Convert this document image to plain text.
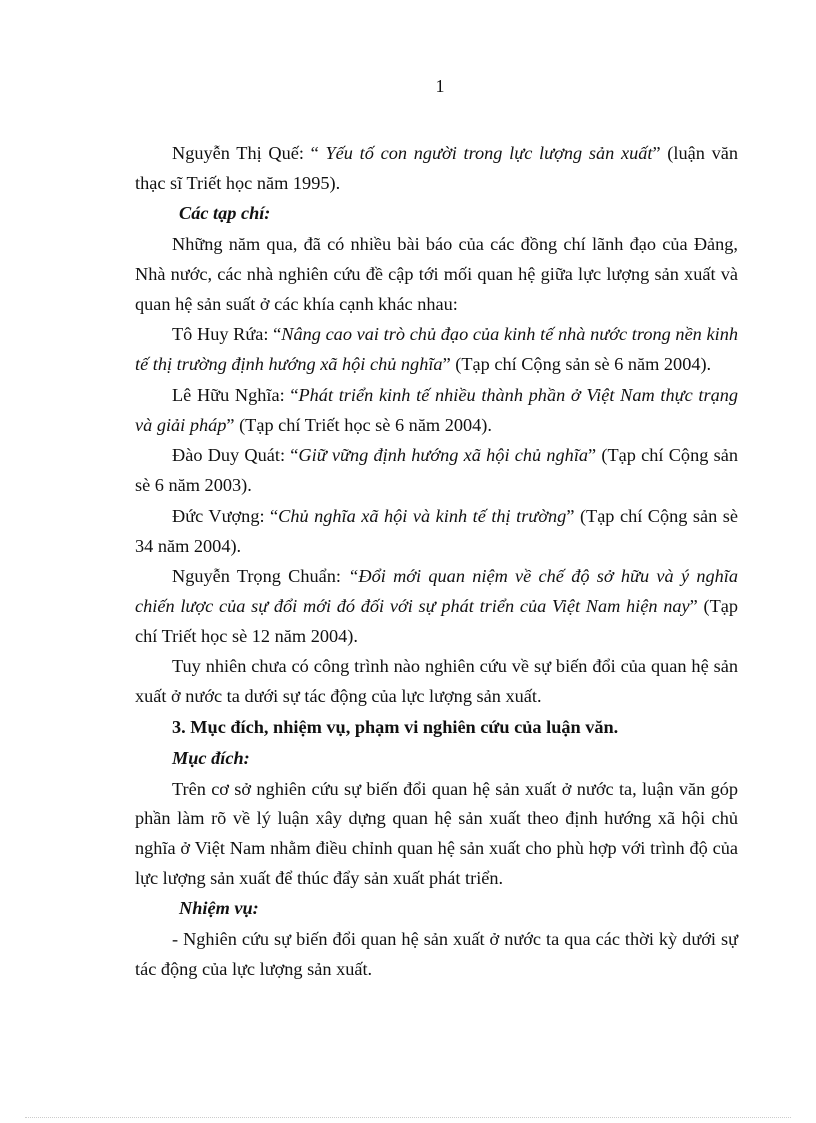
1

Nguyễn Thị Quế: “ Yếu tố con người trong lực lượng sản xuất” (luận văn thạc sĩ Triết học năm 1995).

Các tạp chí:

Những năm qua, đã có nhiều bài báo của các đồng chí lãnh đạo của Đảng, Nhà nước, các nhà nghiên cứu đề cập tới mối quan hệ giữa lực lượng sản xuất và quan hệ sản suất ở các khía cạnh khác nhau:

Tô Huy Rứa: “Nâng cao vai trò chủ đạo của kinh tế nhà nước trong nền kinh tế thị trường định hướng xã hội chủ nghĩa” (Tạp chí Cộng sản sè 6 năm 2004).

Lê Hữu Nghĩa: “Phát triển kinh tế nhiều thành phần ở Việt Nam thực trạng và giải pháp” (Tạp chí Triết học sè 6 năm 2004).

Đào Duy Quát: “Giữ vững định hướng xã hội chủ nghĩa” (Tạp chí Cộng sản sè 6 năm 2003).

Đức Vượng: “Chủ nghĩa xã hội và kinh tế thị trường” (Tạp chí Cộng sản sè 34 năm 2004).

Nguyễn Trọng Chuẩn: “Đổi mới quan niệm về chế độ sở hữu và ý nghĩa chiến lược của sự đổi mới đó đối với sự phát triển của Việt Nam hiện nay” (Tạp chí Triết học sè 12 năm 2004).

Tuy nhiên chưa có công trình nào nghiên cứu về sự biến đổi của quan hệ sản xuất ở nước ta dưới sự tác động của lực lượng sản xuất.

3. Mục đích, nhiệm vụ, phạm vi nghiên cứu của luận văn.

Mục đích:

Trên cơ sở nghiên cứu sự biến đổi quan hệ sản xuất ở nước ta, luận văn góp phần làm rõ về lý luận xây dựng quan hệ sản xuất theo định hướng xã hội chủ nghĩa ở Việt Nam nhằm điều chỉnh quan hệ sản xuất cho phù hợp với trình độ của lực lượng sản xuất để thúc đẩy sản xuất phát triển.

Nhiệm vụ:

- Nghiên cứu sự biến đổi quan hệ sản xuất ở nước ta qua các thời kỳ dưới sự tác động của lực lượng sản xuất.
